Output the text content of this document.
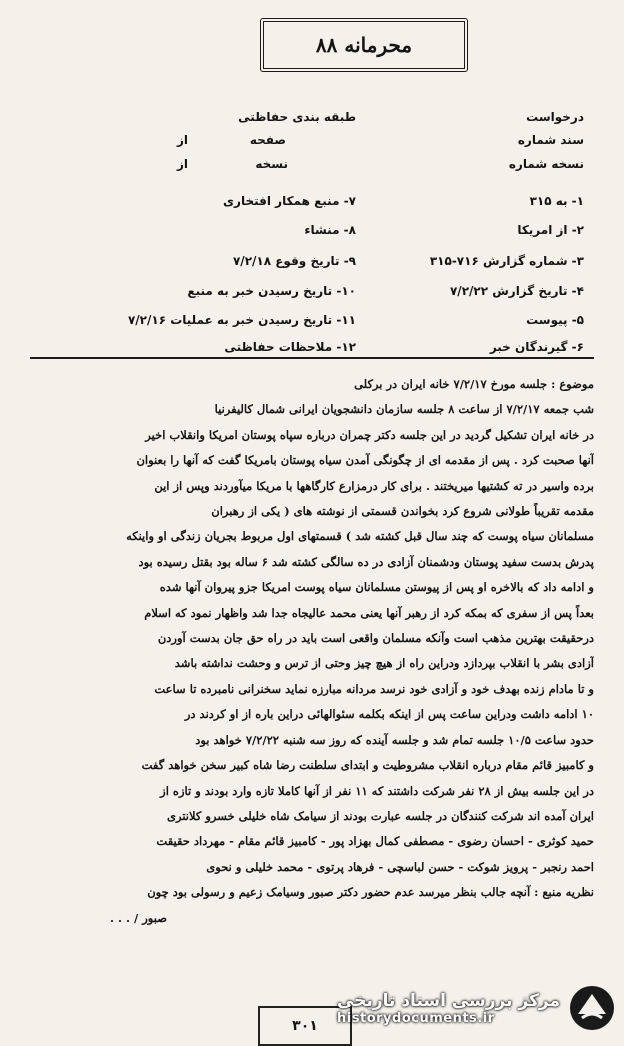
محرمانه ۸۸
درخواست
سند شماره
نسخه شماره
طبقه بندی حفاظتی
صفحه
نسخه
از
از
۱- به ۳۱۵
۲- از امریکا
۳- شماره گزارش ۷۱۶-۳۱۵
۴- تاریخ گزارش ۷/۲/۲۲
۵- پیوست
۶- گیرندگان خبر
۷- منبع همکار افتخاری
۸- منشاء
۹- تاریخ وقوع ۷/۲/۱۸
۱۰- تاریخ رسیدن خبر به منبع
۱۱- تاریخ رسیدن خبر به عملیات ۷/۲/۱۶
۱۲- ملاحظات حفاظتی
موضوع : جلسه مورخ ۷/۲/۱۷ خانه ایران در برکلی
شب جمعه ۷/۲/۱۷ از ساعت ۸ جلسه سازمان دانشجویان ایرانی شمال کالیفرنیا
در خانه ایران تشکیل گردید در این جلسه دکتر چمران درباره سپاه پوستان امریکا وانقلاب اخیر
آنها صحبت کرد . پس از مقدمه ای از چگونگی آمدن سیاه پوستان بامریکا گفت که آنها را بعنوان
برده واسیر در ته کشتیها میریختند . برای کار درمزارع کارگاهها با مریکا میآوردند وپس از این
مقدمه تقریباً طولانی شروع کرد بخواندن قسمتی از نوشته های ( یکی از رهبران
مسلمانان سیاه پوست که چند سال قبل کشته شد ) قسمتهای اول مربوط بجریان زندگی او واینکه
پدرش بدست سفید پوستان ودشمنان آزادی در ده سالگی کشته شد ۶ ساله بود بقتل رسیده بود
و ادامه داد که بالاخره او پس از پیوستن مسلمانان سیاه پوست امریکا جزو پیروان آنها شده
بعداً پس از سفری که بمکه کرد از رهبر آنها یعنی محمد عالیجاه جدا شد واظهار نمود که اسلام
درحقیقت بهترین مذهب است وآنکه مسلمان واقعی است باید در راه حق جان بدست آوردن
آزادی بشر با انقلاب بپردازد ودراین راه از هیچ چیز وحتی از ترس و وحشت نداشته باشد
و تا مادام زنده بهدف خود و آزادی خود نرسد مردانه مبارزه نماید سخنرانی نامبرده تا ساعت
۱۰ ادامه داشت ودراین ساعت پس از اینکه بکلمه سئوالهائی دراین باره از او کردند در
حدود ساعت ۱۰/۵ جلسه تمام شد و جلسه آینده که روز سه شنبه ۷/۲/۲۲ خواهد بود
و کامبیز قائم مقام درباره انقلاب مشروطیت و ابتدای سلطنت رضا شاه کبیر سخن خواهد گفت
در این جلسه بیش از ۲۸ نفر شرکت داشتند که ۱۱ نفر از آنها کاملا تازه وارد بودند و تازه از
ایران آمده اند شرکت کنندگان در جلسه عبارت بودند از سیامک شاه خلیلی خسرو کلانتری
حمید کوثری - احسان رضوی - مصطفی کمال بهزاد پور - کامبیز قائم مقام - مهرداد حقیقت
احمد رنجبر - پرویز شوکت - حسن لباسچی - فرهاد پرتوی - محمد خلیلی و نحوی
نظریه منبع : آنچه جالب بنظر میرسد عدم حضور دکتر صبور وسیامک زعیم و رسولی بود چون
صبور / . . .
۳۰۱
مرکز بررسی اسناد تاریخی
historydocuments.ir
